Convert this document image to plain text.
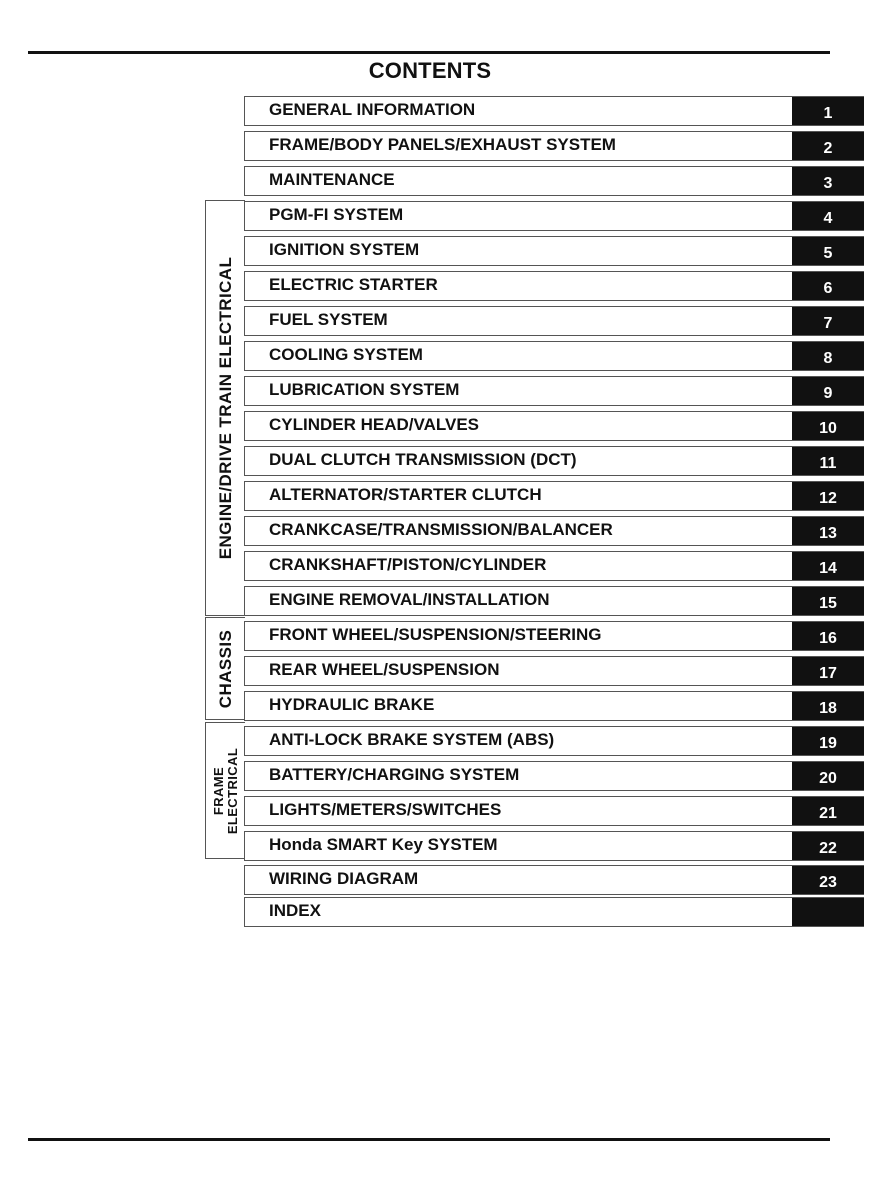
CONTENTS
ENGINE/DRIVE TRAIN ELECTRICAL
CHASSIS
FRAME ELECTRICAL
GENERAL INFORMATION	1
FRAME/BODY PANELS/EXHAUST SYSTEM	2
MAINTENANCE	3
PGM-FI SYSTEM	4
IGNITION SYSTEM	5
ELECTRIC STARTER	6
FUEL SYSTEM	7
COOLING SYSTEM	8
LUBRICATION SYSTEM	9
CYLINDER HEAD/VALVES	10
DUAL CLUTCH TRANSMISSION (DCT)	11
ALTERNATOR/STARTER CLUTCH	12
CRANKCASE/TRANSMISSION/BALANCER	13
CRANKSHAFT/PISTON/CYLINDER	14
ENGINE REMOVAL/INSTALLATION	15
FRONT WHEEL/SUSPENSION/STEERING	16
REAR WHEEL/SUSPENSION	17
HYDRAULIC BRAKE	18
ANTI-LOCK BRAKE SYSTEM (ABS)	19
BATTERY/CHARGING SYSTEM	20
LIGHTS/METERS/SWITCHES	21
Honda SMART Key SYSTEM	22
WIRING DIAGRAM	23
INDEX
